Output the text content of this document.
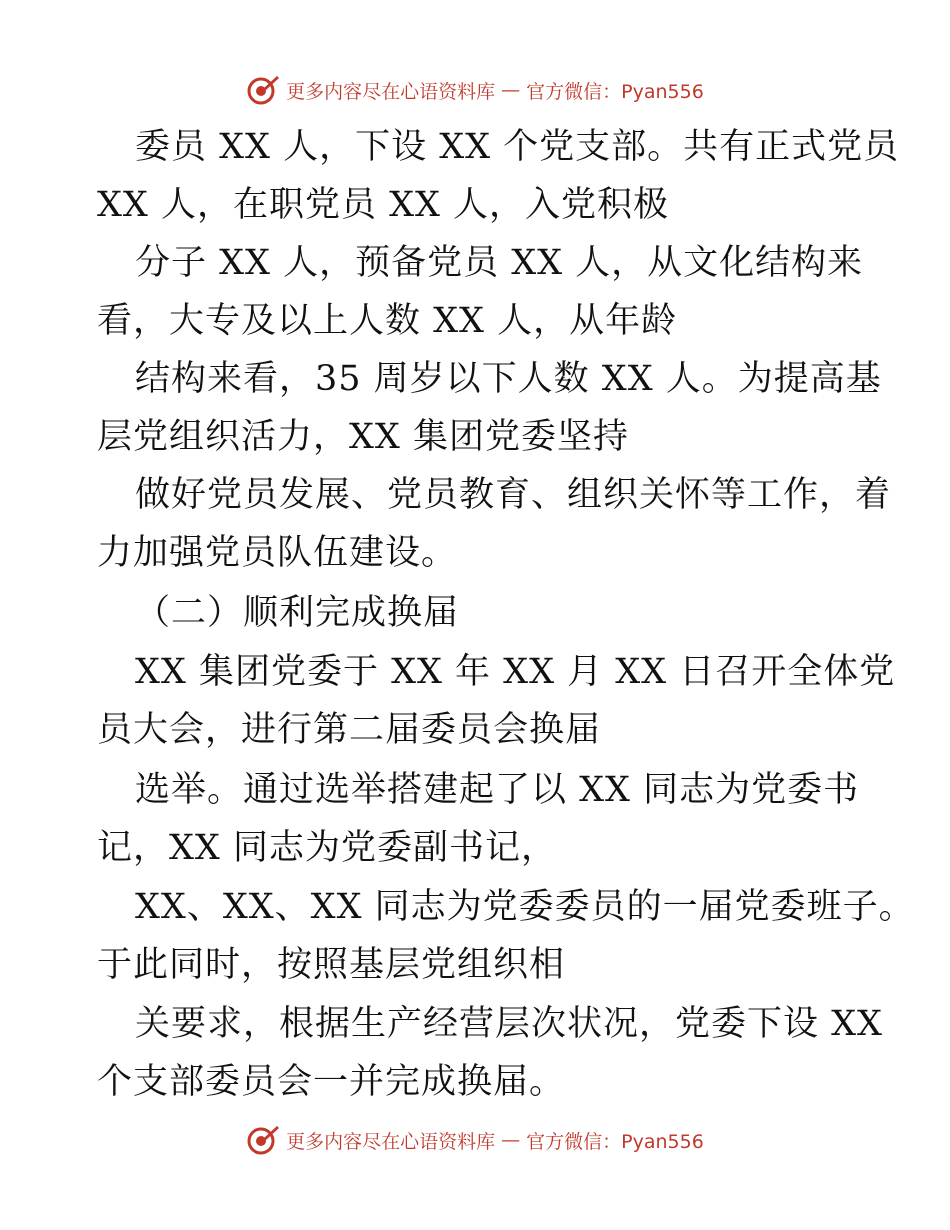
更多内容尽在心语资料库 — 官方微信：Pyan556
委员 XX 人，下设 XX 个党支部。共有正式党员
XX 人，在职党员 XX 人，入党积极
分子 XX 人，预备党员 XX 人，从文化结构来
看，大专及以上人数 XX 人，从年龄
结构来看，35 周岁以下人数 XX 人。为提高基
层党组织活力，XX 集团党委坚持
做好党员发展、党员教育、组织关怀等工作，着
力加强党员队伍建设。
（二）顺利完成换届
XX 集团党委于 XX 年 XX 月 XX 日召开全体党
员大会，进行第二届委员会换届
选举。通过选举搭建起了以 XX 同志为党委书
记，XX 同志为党委副书记，
XX、XX、XX 同志为党委委员的一届党委班子。
于此同时，按照基层党组织相
关要求，根据生产经营层次状况，党委下设 XX
个支部委员会一并完成换届。
更多内容尽在心语资料库 — 官方微信：Pyan556
